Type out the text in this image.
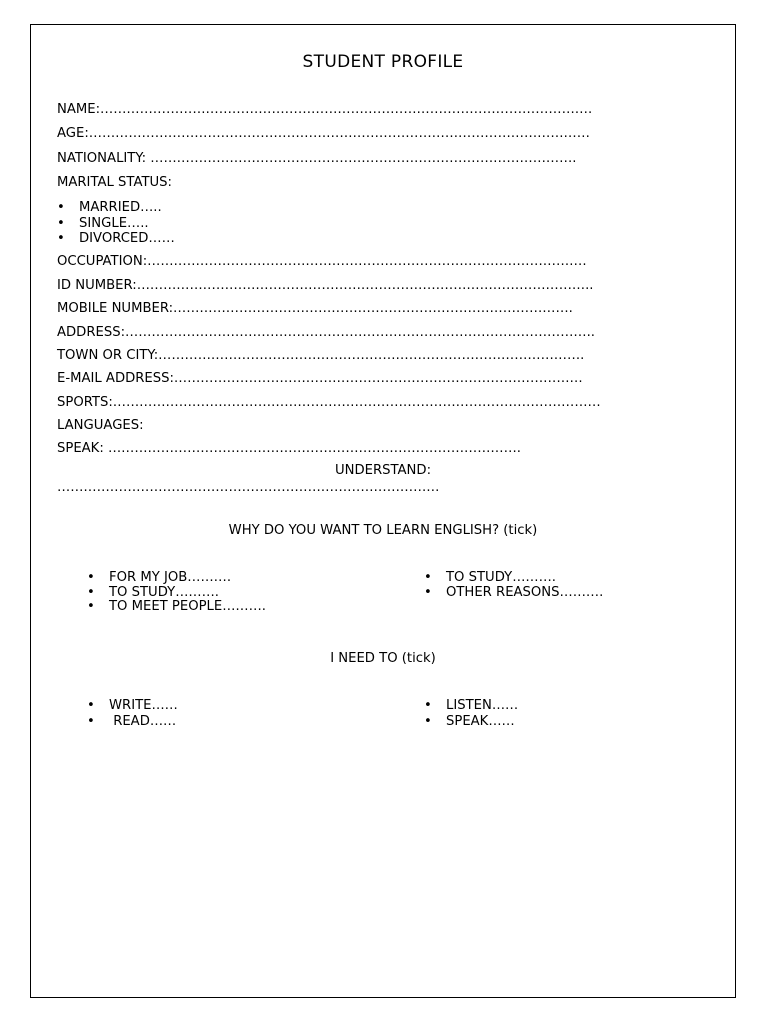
STUDENT PROFILE
NAME:………………………………………………………………………………………………….
AGE:……………………………………………………………………………………………………
NATIONALITY: …………………………………………………………………………………….
MARITAL STATUS:
• MARRIED…..
• SINGLE…..
• DIVORCED……
OCCUPATION:……………………………………………………………………………………….
ID NUMBER:…………………………………………………………………………………………..
MOBILE NUMBER:……………………………………………………………………………….
ADDRESS:……………………………………………………………………………………………..
TOWN OR CITY:…………………………………………………………………………………….
E-MAIL ADDRESS:…………………………………………………………………………………
SPORTS:…………………………………………………………………………………………………
LANGUAGES:
SPEAK: ………………………………………………………………………………….
UNDERSTAND:
……………………………………………………………………………
WHY DO YOU WANT TO LEARN ENGLISH? (tick)
• FOR MY JOB……….
• TO STUDY……….
• TO MEET PEOPLE……….
• TO STUDY……….
• OTHER REASONS……….
I NEED TO (tick)
• WRITE……
• READ……
• LISTEN……
• SPEAK……
